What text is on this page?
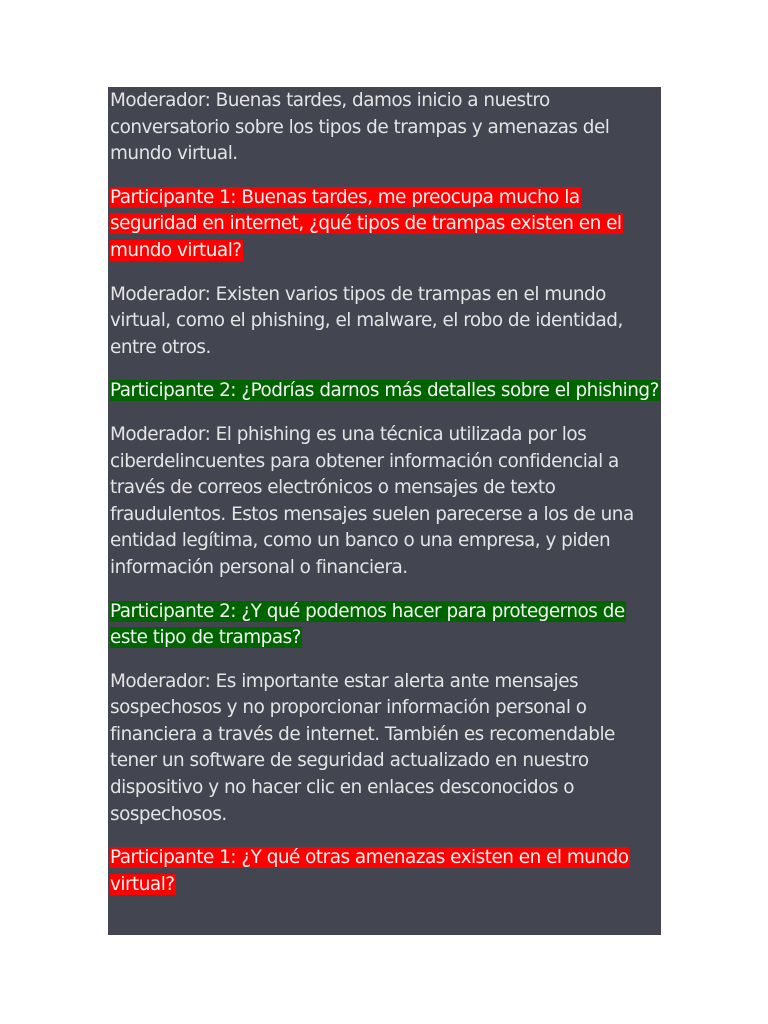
Moderador: Buenas tardes, damos inicio a nuestro conversatorio sobre los tipos de trampas y amenazas del mundo virtual.

Participante 1: Buenas tardes, me preocupa mucho la seguridad en internet, ¿qué tipos de trampas existen en el mundo virtual?

Moderador: Existen varios tipos de trampas en el mundo virtual, como el phishing, el malware, el robo de identidad, entre otros.

Participante 2: ¿Podrías darnos más detalles sobre el phishing?

Moderador: El phishing es una técnica utilizada por los ciberdelincuentes para obtener información confidencial a través de correos electrónicos o mensajes de texto fraudulentos. Estos mensajes suelen parecerse a los de una entidad legítima, como un banco o una empresa, y piden información personal o financiera.

Participante 2: ¿Y qué podemos hacer para protegernos de este tipo de trampas?

Moderador: Es importante estar alerta ante mensajes sospechosos y no proporcionar información personal o financiera a través de internet. También es recomendable tener un software de seguridad actualizado en nuestro dispositivo y no hacer clic en enlaces desconocidos o sospechosos.

Participante 1: ¿Y qué otras amenazas existen en el mundo virtual?
